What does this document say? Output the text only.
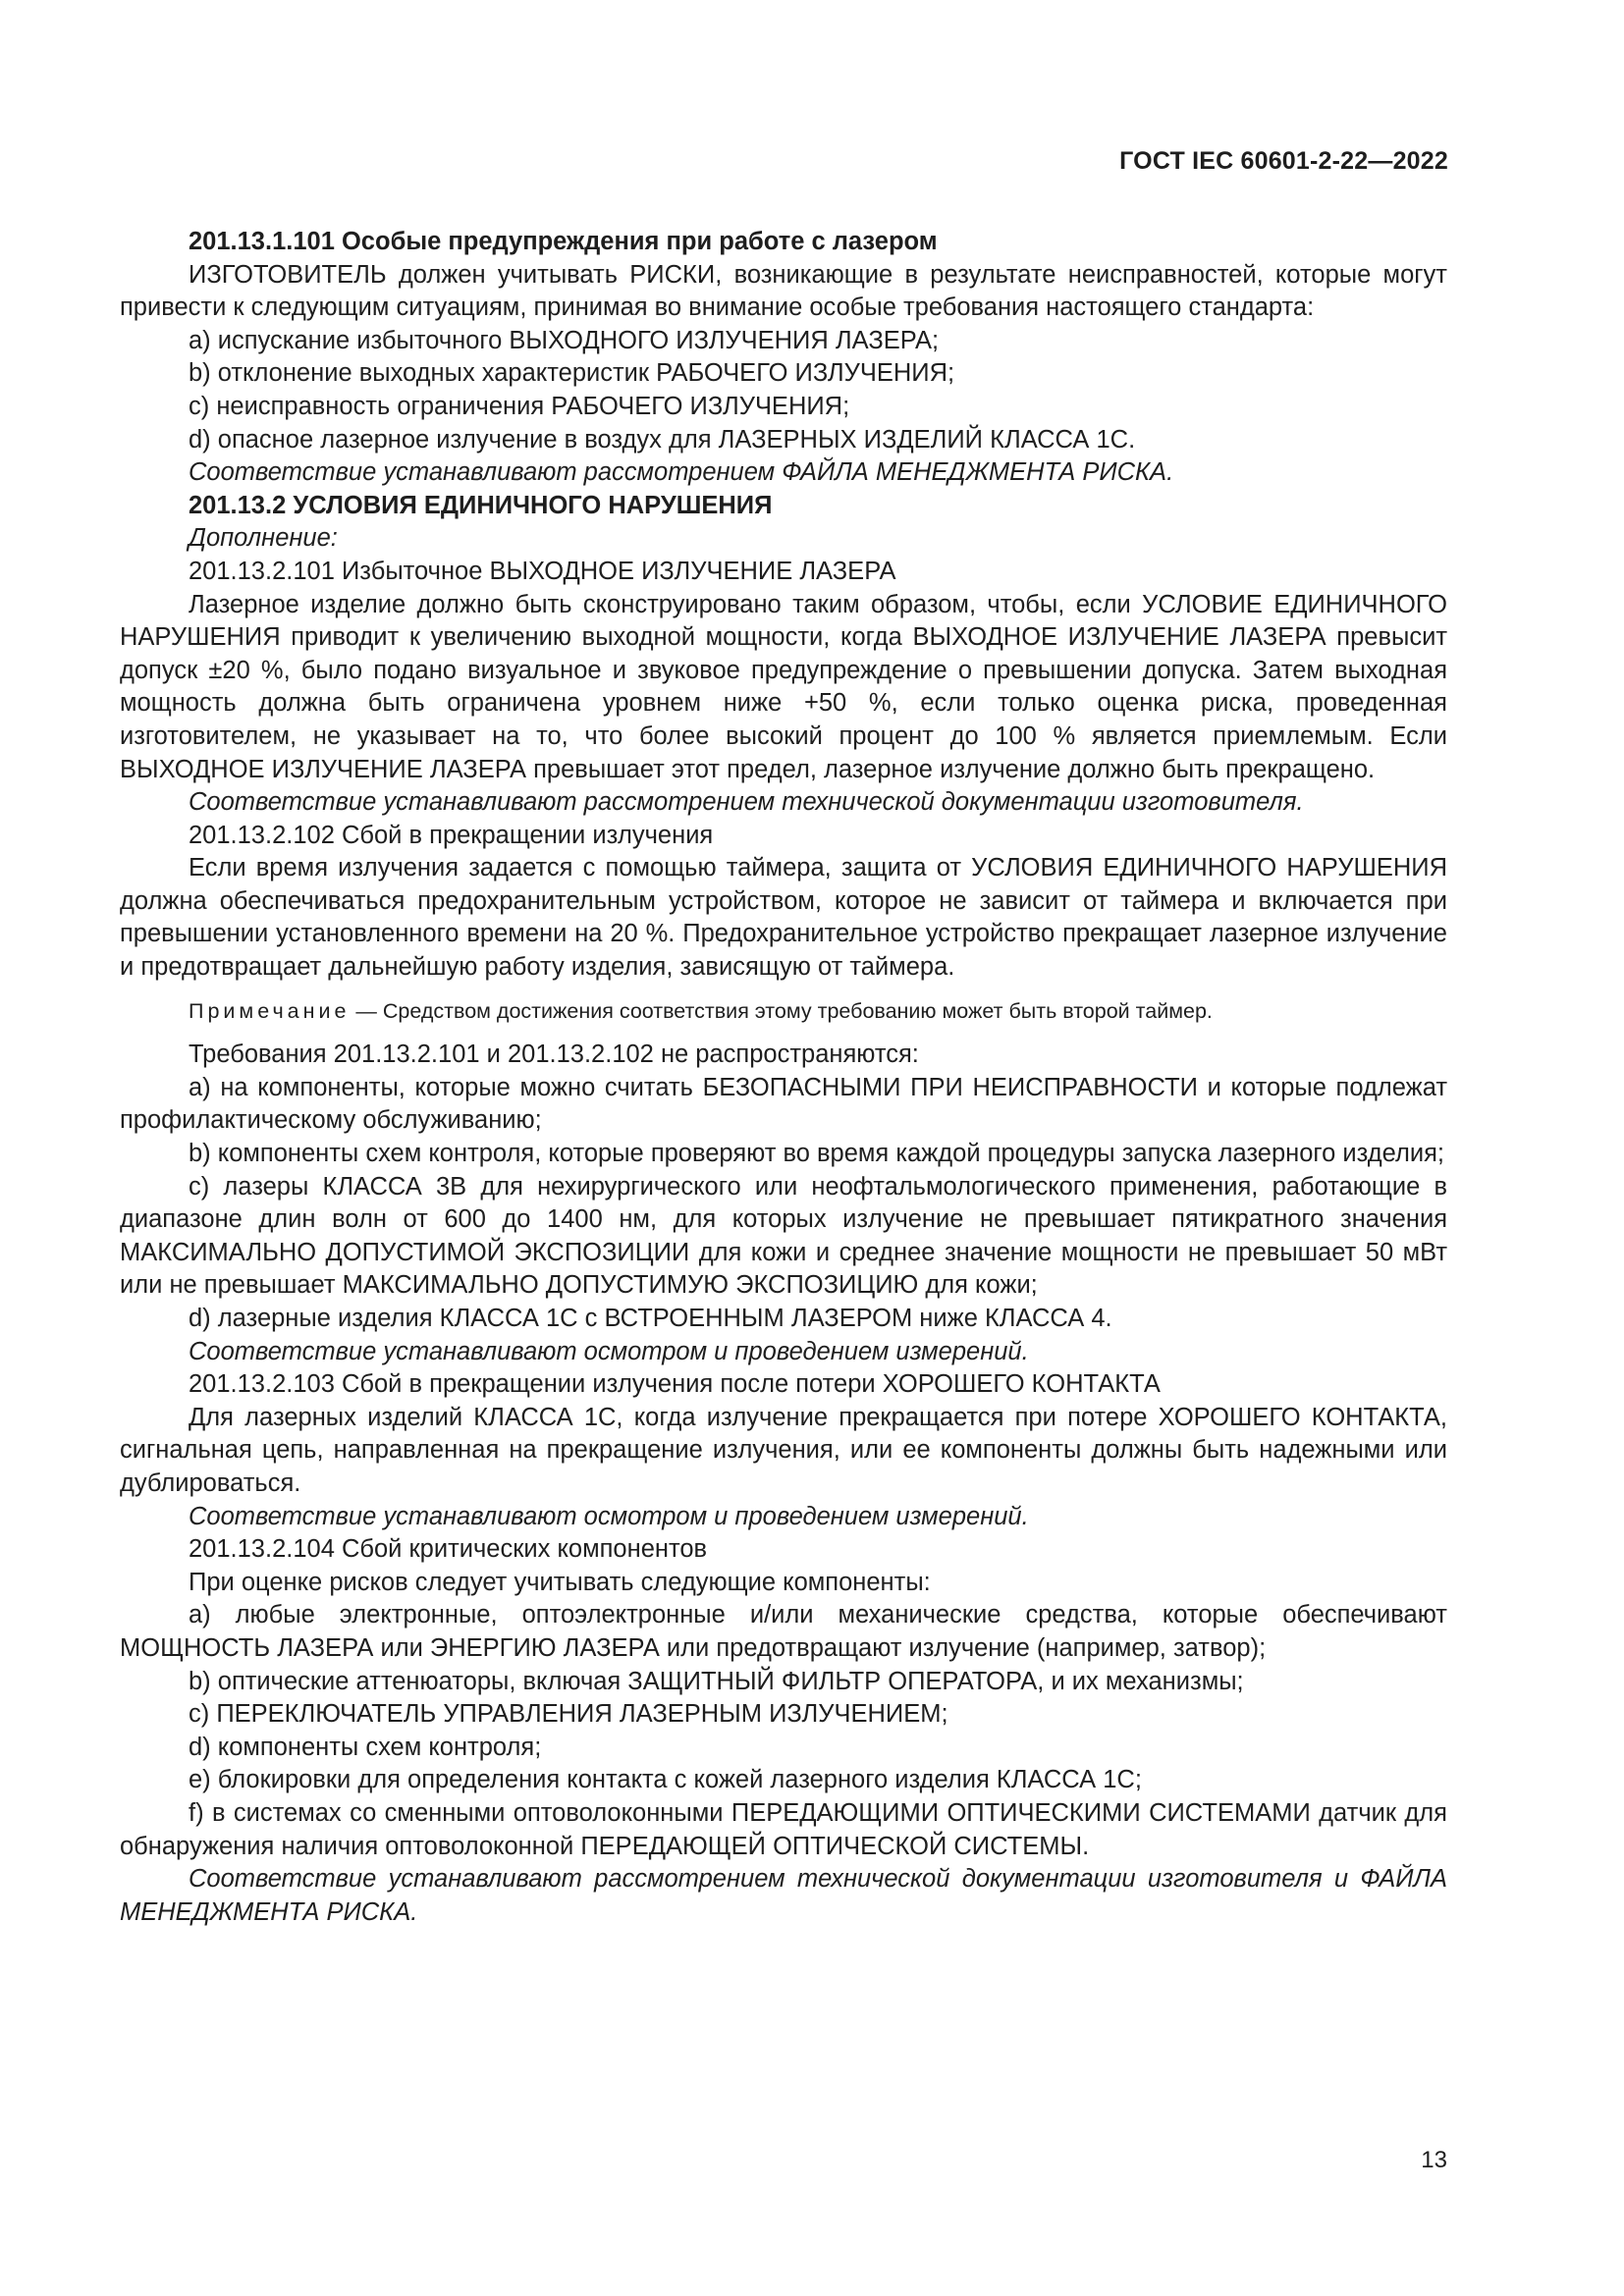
ГОСТ IEC 60601-2-22—2022

201.13.1.101 Особые предупреждения при работе с лазером

ИЗГОТОВИТЕЛЬ должен учитывать РИСКИ, возникающие в результате неисправностей, которые могут привести к следующим ситуациям, принимая во внимание особые требования настоящего стандарта:

a) испускание избыточного ВЫХОДНОГО ИЗЛУЧЕНИЯ ЛАЗЕРА;

b) отклонение выходных характеристик РАБОЧЕГО ИЗЛУЧЕНИЯ;

c) неисправность ограничения РАБОЧЕГО ИЗЛУЧЕНИЯ;

d) опасное лазерное излучение в воздух для ЛАЗЕРНЫХ ИЗДЕЛИЙ КЛАССА 1С.

Соответствие устанавливают рассмотрением ФАЙЛА МЕНЕДЖМЕНТА РИСКА.

201.13.2 УСЛОВИЯ ЕДИНИЧНОГО НАРУШЕНИЯ

Дополнение:

201.13.2.101 Избыточное ВЫХОДНОЕ ИЗЛУЧЕНИЕ ЛАЗЕРА

Лазерное изделие должно быть сконструировано таким образом, чтобы, если УСЛОВИЕ ЕДИНИЧНОГО НАРУШЕНИЯ приводит к увеличению выходной мощности, когда ВЫХОДНОЕ ИЗЛУЧЕНИЕ ЛАЗЕРА превысит допуск ±20 %, было подано визуальное и звуковое предупреждение о превышении допуска. Затем выходная мощность должна быть ограничена уровнем ниже +50 %, если только оценка риска, проведенная изготовителем, не указывает на то, что более высокий процент до 100 % является приемлемым. Если ВЫХОДНОЕ ИЗЛУЧЕНИЕ ЛАЗЕРА превышает этот предел, лазерное излучение должно быть прекращено.

Соответствие устанавливают рассмотрением технической документации изготовителя.

201.13.2.102 Сбой в прекращении излучения

Если время излучения задается с помощью таймера, защита от УСЛОВИЯ ЕДИНИЧНОГО НАРУШЕНИЯ должна обеспечиваться предохранительным устройством, которое не зависит от таймера и включается при превышении установленного времени на 20 %. Предохранительное устройство прекращает лазерное излучение и предотвращает дальнейшую работу изделия, зависящую от таймера.

Примечание — Средством достижения соответствия этому требованию может быть второй таймер.

Требования 201.13.2.101 и 201.13.2.102 не распространяются:

a) на компоненты, которые можно считать БЕЗОПАСНЫМИ ПРИ НЕИСПРАВНОСТИ и которые подлежат профилактическому обслуживанию;

b) компоненты схем контроля, которые проверяют во время каждой процедуры запуска лазерного изделия;

c) лазеры КЛАССА 3В для нехирургического или неофтальмологического применения, работающие в диапазоне длин волн от 600 до 1400 нм, для которых излучение не превышает пятикратного значения МАКСИМАЛЬНО ДОПУСТИМОЙ ЭКСПОЗИЦИИ для кожи и среднее значение мощности не превышает 50 мВт или не превышает МАКСИМАЛЬНО ДОПУСТИМУЮ ЭКСПОЗИЦИЮ для кожи;

d) лазерные изделия КЛАССА 1С с ВСТРОЕННЫМ ЛАЗЕРОМ ниже КЛАССА 4.

Соответствие устанавливают осмотром и проведением измерений.

201.13.2.103 Сбой в прекращении излучения после потери ХОРОШЕГО КОНТАКТА

Для лазерных изделий КЛАССА 1С, когда излучение прекращается при потере ХОРОШЕГО КОНТАКТА, сигнальная цепь, направленная на прекращение излучения, или ее компоненты должны быть надежными или дублироваться.

Соответствие устанавливают осмотром и проведением измерений.

201.13.2.104 Сбой критических компонентов

При оценке рисков следует учитывать следующие компоненты:

a) любые электронные, оптоэлектронные и/или механические средства, которые обеспечивают МОЩНОСТЬ ЛАЗЕРА или ЭНЕРГИЮ ЛАЗЕРА или предотвращают излучение (например, затвор);

b) оптические аттенюаторы, включая ЗАЩИТНЫЙ ФИЛЬТР ОПЕРАТОРА, и их механизмы;

c) ПЕРЕКЛЮЧАТЕЛЬ УПРАВЛЕНИЯ ЛАЗЕРНЫМ ИЗЛУЧЕНИЕМ;

d) компоненты схем контроля;

e) блокировки для определения контакта с кожей лазерного изделия КЛАССА 1С;

f) в системах со сменными оптоволоконными ПЕРЕДАЮЩИМИ ОПТИЧЕСКИМИ СИСТЕМАМИ датчик для обнаружения наличия оптоволоконной ПЕРЕДАЮЩЕЙ ОПТИЧЕСКОЙ СИСТЕМЫ.

Соответствие устанавливают рассмотрением технической документации изготовителя и ФАЙЛА МЕНЕДЖМЕНТА РИСКА.

13
